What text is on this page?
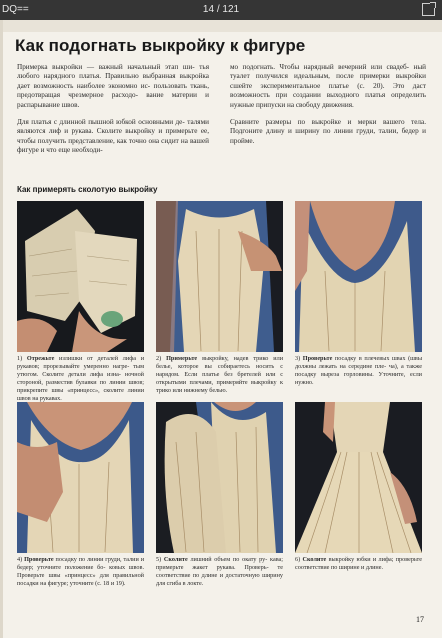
DQ==	14 / 121
Как подогнать выкройку к фигуре

Примерка выкройки — важный начальный этап ши- тья любого нарядного платья. Правильно выбранная выкройка дает возможность наиболее экономно ис- пользовать ткань, предотвращая чрезмерное расходо- вание материи и распарывание швов.

Для платья с длинной пышной юбкой основными де- талями являются лиф и рукава. Сколите выкройку и примерьте ее, чтобы получить представление, как точно она сидит на вашей фигуре и что еще необходи-

мо подогнать. Чтобы нарядный вечерний или свадеб- ный туалет получился идеальным, после примерки выкройки сшейте экспериментальное платье (с. 20). Это даст возможность при создании выходного платья определить нужные припуски на свободу движения.

Сравните размеры по выкройке и мерки вашего тела. Подгоните длину и ширину по линии груди, талии, бедер и пройме.

Как примерять сколотую выкройку
1) Отрежьте излишки от деталей лифа и рукавов; прорезывайте умеренно нагре- тым утюгом. Сколите детали лифа изна- ночной стороной, разместив булавки по линии швов; прикрепите швы «принцесс», сколите линии швов на рукавах.
2) Примерьте выкройку, надев трико или белье, которое вы собираетесь носить с нарядом. Если платье без бретелей или с открытыми плечами, примеряйте выкройку к трико или нижнему белью.
3) Проверьте посадку в плечевых швах (швы должны лежать на середине пле- ча), а также посадку выреза горловины. Уточните, если нужно.
4) Проверьте посадку по линии груди, талии и бедер; уточните положение бо- ковых швов. Проверьте швы «принцесс» для правильной посадки на фигуре; уточните (с. 18 и 19).
5) Сколите лишний объем по окату ру- кава; примерьте жакет рукава. Проверь- те соответствие по длине и достаточную ширину для сгиба в локте.
6) Сколите выкройку юбки и лифа; проверьте соответствие по ширине и длине.
17
